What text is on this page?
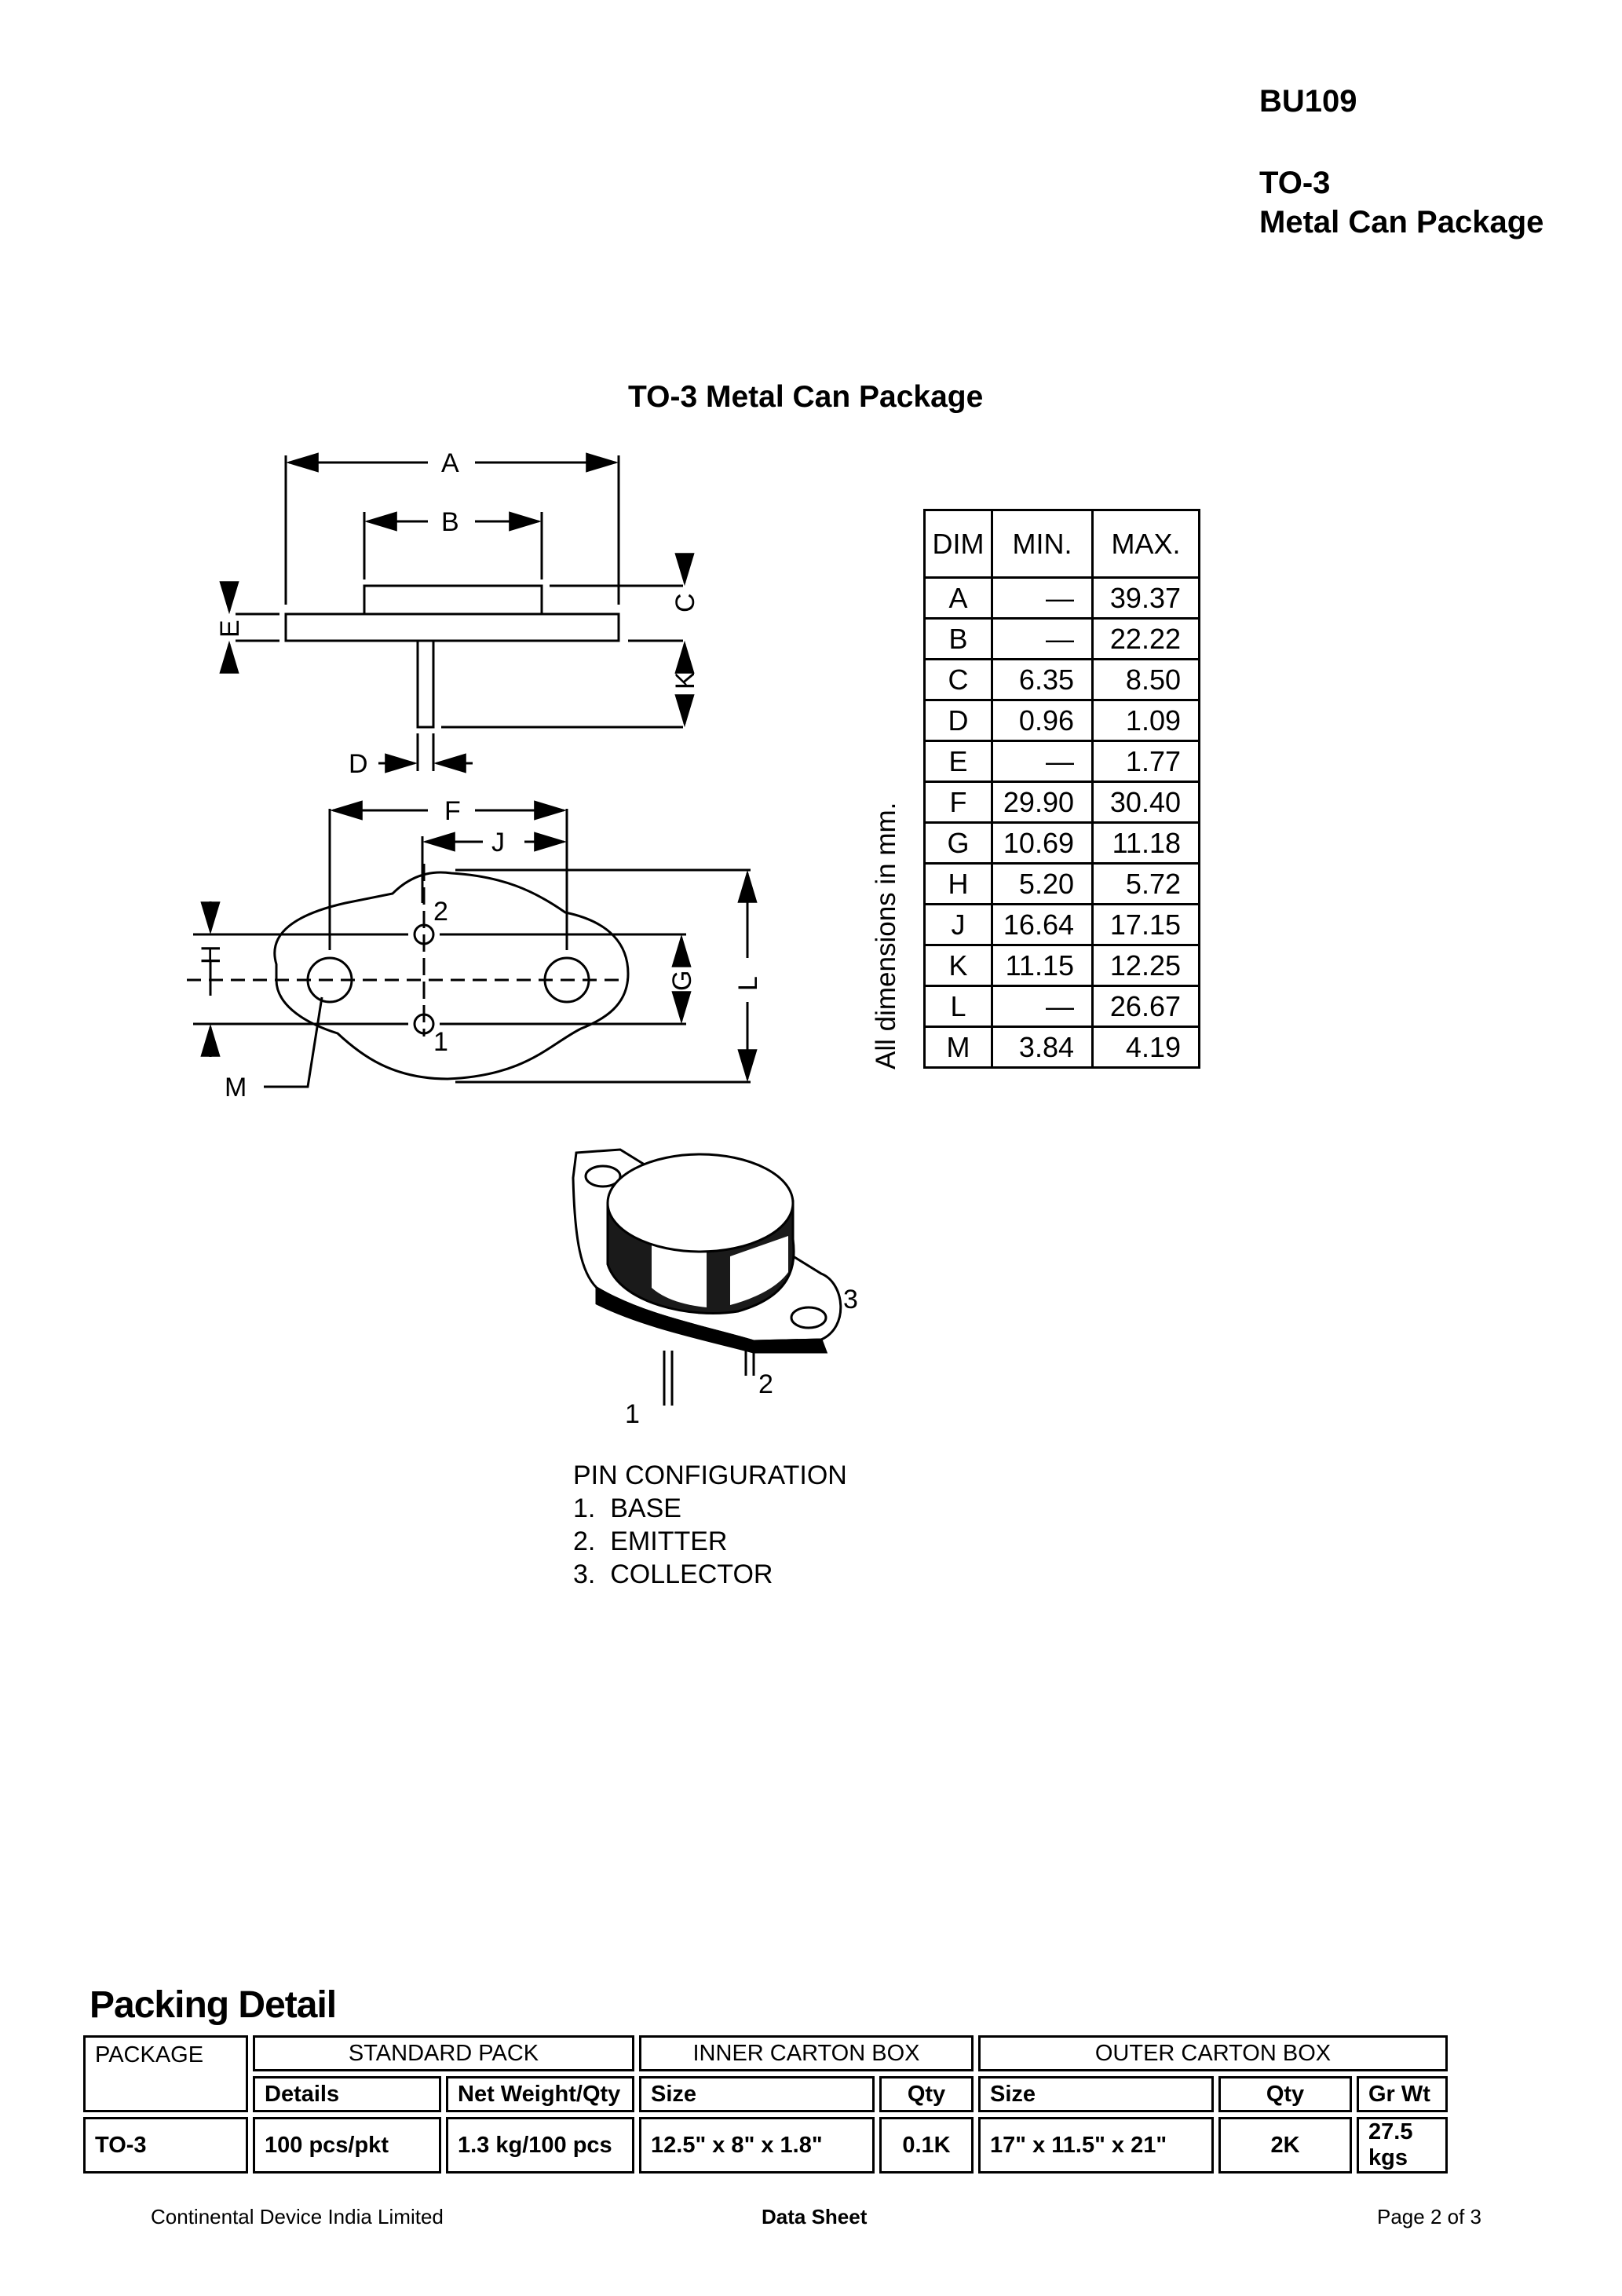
BU109
TO-3
Metal Can Package
TO-3 Metal Can Package
A
B
C
K
E
D
F
J
H
G L
M
2
1	All dimensions in mm.
3
2
1
DIM	MIN.	MAX.
A	—	39.37
B	—	22.22
C	6.35	8.50
D	0.96	1.09
E	—	1.77
F	29.90	30.40
G	10.69	11.18
H	5.20	5.72
J	16.64	17.15
K	11.15	12.25
L	—	26.67
M	3.84	4.19
PIN CONFIGURATION
1.  BASE
2.  EMITTER
3.  COLLECTOR
Packing Detail
PACKAGE	STANDARD PACK		INNER CARTON BOX		OUTER CARTON BOX		
	Details	Net Weight/Qty	Size	Qty	Size	Qty	Gr Wt
TO-3	100 pcs/pkt	1.3 kg/100 pcs	12.5" x 8" x 1.8"	0.1K	17" x 11.5" x 21"	2K	27.5 kgs
Continental Device India Limited	Data Sheet	Page 2 of 3
